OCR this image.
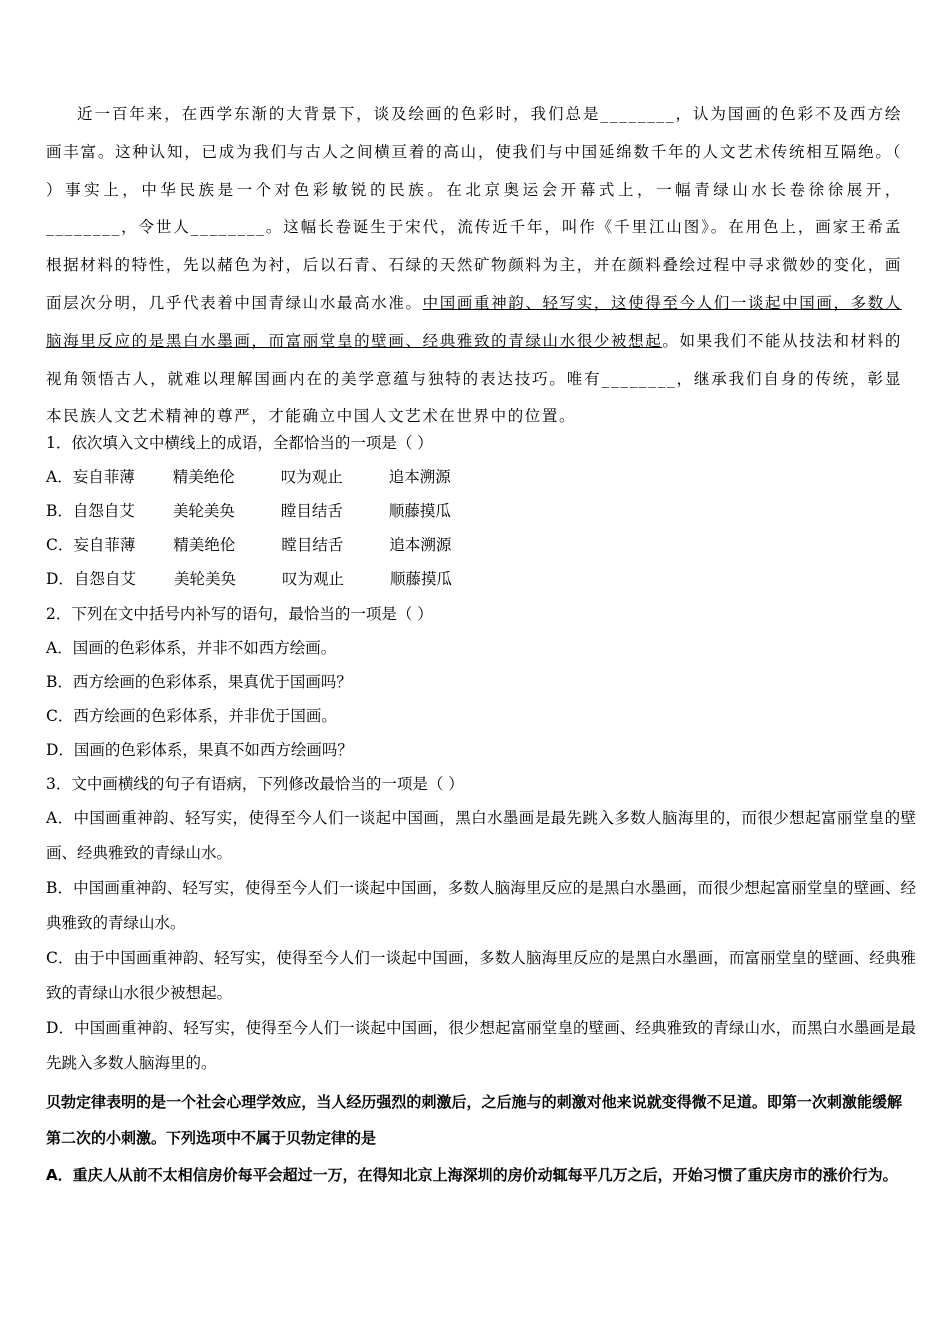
近一百年来，在西学东渐的大背景下，谈及绘画的色彩时，我们总是________，认为国画的色彩不及西方绘画丰富。这种认知，已成为我们与古人之间横亘着的高山，使我们与中国延绵数千年的人文艺术传统相互隔绝。（ ）事实上，中华民族是一个对色彩敏锐的民族。在北京奥运会开幕式上，一幅青绿山水长卷徐徐展开，________，令世人________。这幅长卷诞生于宋代，流传近千年，叫作《千里江山图》。在用色上，画家王希孟根据材料的特性，先以赭色为衬，后以石青、石绿的天然矿物颜料为主，并在颜料叠绘过程中寻求微妙的变化，画面层次分明，几乎代表着中国青绿山水最高水准。中国画重神韵、轻写实，这使得至今人们一谈起中国画，多数人脑海里反应的是黑白水墨画，而富丽堂皇的壁画、经典雅致的青绿山水很少被想起。如果我们不能从技法和材料的视角领悟古人，就难以理解国画内在的美学意蕴与独特的表达技巧。唯有________，继承我们自身的传统，彰显本民族人文艺术精神的尊严，才能确立中国人文艺术在世界中的位置。

1．依次填入文中横线上的成语，全都恰当的一项是（ ）
A．妄自菲薄 精美绝伦	叹为观止	追本溯源
B．自怨自艾 美轮美奂	瞠目结舌	顺藤摸瓜
C．妄自菲薄 精美绝伦	瞠目结舌	追本溯源
D．自怨自艾 美轮美奂	叹为观止	顺藤摸瓜
2．下列在文中括号内补写的语句，最恰当的一项是（ ）
A．国画的色彩体系，并非不如西方绘画。
B．西方绘画的色彩体系，果真优于国画吗？
C．西方绘画的色彩体系，并非优于国画。
D．国画的色彩体系，果真不如西方绘画吗？
3．文中画横线的句子有语病，下列修改最恰当的一项是（ ）
A．中国画重神韵、轻写实，使得至今人们一谈起中国画，黑白水墨画是最先跳入多数人脑海里的，而很少想起富丽堂皇的壁画、经典雅致的青绿山水。
B．中国画重神韵、轻写实，使得至今人们一谈起中国画，多数人脑海里反应的是黑白水墨画，而很少想起富丽堂皇的壁画、经典雅致的青绿山水。
C．由于中国画重神韵、轻写实，使得至今人们一谈起中国画，多数人脑海里反应的是黑白水墨画，而富丽堂皇的壁画、经典雅致的青绿山水很少被想起。
D．中国画重神韵、轻写实，使得至今人们一谈起中国画，很少想起富丽堂皇的壁画、经典雅致的青绿山水，而黑白水墨画是最先跳入多数人脑海里的。
贝勃定律表明的是一个社会心理学效应，当人经历强烈的刺激后，之后施与的刺激对他来说就变得微不足道。即第一次刺激能缓解第二次的小刺激。下列选项中不属于贝勃定律的是
A．重庆人从前不太相信房价每平会超过一万，在得知北京上海深圳的房价动辄每平几万之后，开始习惯了重庆房市的涨价行为。
